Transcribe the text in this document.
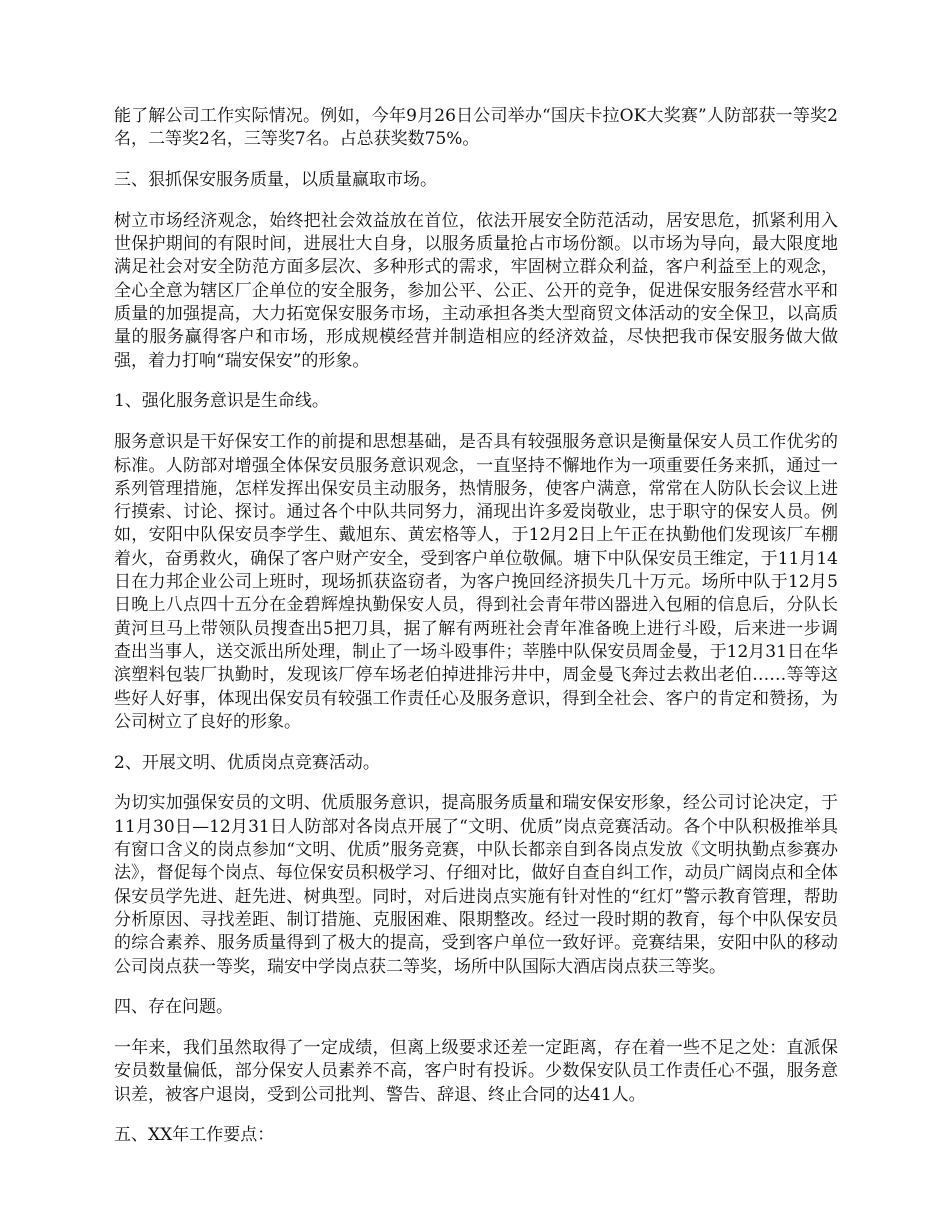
能了解公司工作实际情况。例如，今年9月26日公司举办“国庆卡拉OK大奖赛”人防部获一等奖2名，二等奖2名，三等奖7名。占总获奖数75%。

三、狠抓保安服务质量，以质量赢取市场。

树立市场经济观念，始终把社会效益放在首位，依法开展安全防范活动，居安思危，抓紧利用入世保护期间的有限时间，进展壮大自身，以服务质量抢占市场份额。以市场为导向，最大限度地满足社会对安全防范方面多层次、多种形式的需求，牢固树立群众利益，客户利益至上的观念，全心全意为辖区厂企单位的安全服务，参加公平、公正、公开的竞争，促进保安服务经营水平和质量的加强提高，大力拓宽保安服务市场，主动承担各类大型商贸文体活动的安全保卫，以高质量的服务赢得客户和市场，形成规模经营并制造相应的经济效益，尽快把我市保安服务做大做强，着力打响“瑞安保安”的形象。

1、强化服务意识是生命线。

服务意识是干好保安工作的前提和思想基础，是否具有较强服务意识是衡量保安人员工作优劣的标准。人防部对增强全体保安员服务意识观念，一直坚持不懈地作为一项重要任务来抓，通过一系列管理措施，怎样发挥出保安员主动服务，热情服务，使客户满意，常常在人防队长会议上进行摸索、讨论、探讨。通过各个中队共同努力，涌现出许多爱岗敬业，忠于职守的保安人员。例如，安阳中队保安员李学生、戴旭东、黄宏格等人，于12月2日上午正在执勤他们发现该厂车棚着火，奋勇救火，确保了客户财产安全，受到客户单位敬佩。塘下中队保安员王维定，于11月14日在力邦企业公司上班时，现场抓获盗窃者，为客户挽回经济损失几十万元。场所中队于12月5日晚上八点四十五分在金碧辉煌执勤保安人员，得到社会青年带凶器进入包厢的信息后，分队长黄河旦马上带领队员搜查出5把刀具，据了解有两班社会青年准备晚上进行斗殴，后来进一步调查出当事人，送交派出所处理，制止了一场斗殴事件；莘塍中队保安员周金曼，于12月31日在华滨塑料包装厂执勤时，发现该厂停车场老伯掉进排污井中，周金曼飞奔过去救出老伯……等等这些好人好事，体现出保安员有较强工作责任心及服务意识，得到全社会、客户的肯定和赞扬，为公司树立了良好的形象。

2、开展文明、优质岗点竞赛活动。

为切实加强保安员的文明、优质服务意识，提高服务质量和瑞安保安形象，经公司讨论决定，于11月30日—12月31日人防部对各岗点开展了“文明、优质”岗点竞赛活动。各个中队积极推举具有窗口含义的岗点参加“文明、优质”服务竞赛，中队长都亲自到各岗点发放《文明执勤点参赛办法》，督促每个岗点、每位保安员积极学习、仔细对比，做好自查自纠工作，动员广阔岗点和全体保安员学先进、赶先进、树典型。同时，对后进岗点实施有针对性的“红灯”警示教育管理，帮助分析原因、寻找差距、制订措施、克服困难、限期整改。经过一段时期的教育，每个中队保安员的综合素养、服务质量得到了极大的提高，受到客户单位一致好评。竞赛结果，安阳中队的移动公司岗点获一等奖，瑞安中学岗点获二等奖，场所中队国际大酒店岗点获三等奖。

四、存在问题。

一年来，我们虽然取得了一定成绩，但离上级要求还差一定距离，存在着一些不足之处：直派保安员数量偏低，部分保安人员素养不高，客户时有投诉。少数保安队员工作责任心不强，服务意识差，被客户退岗，受到公司批判、警告、辞退、终止合同的达41人。

五、XX年工作要点：
